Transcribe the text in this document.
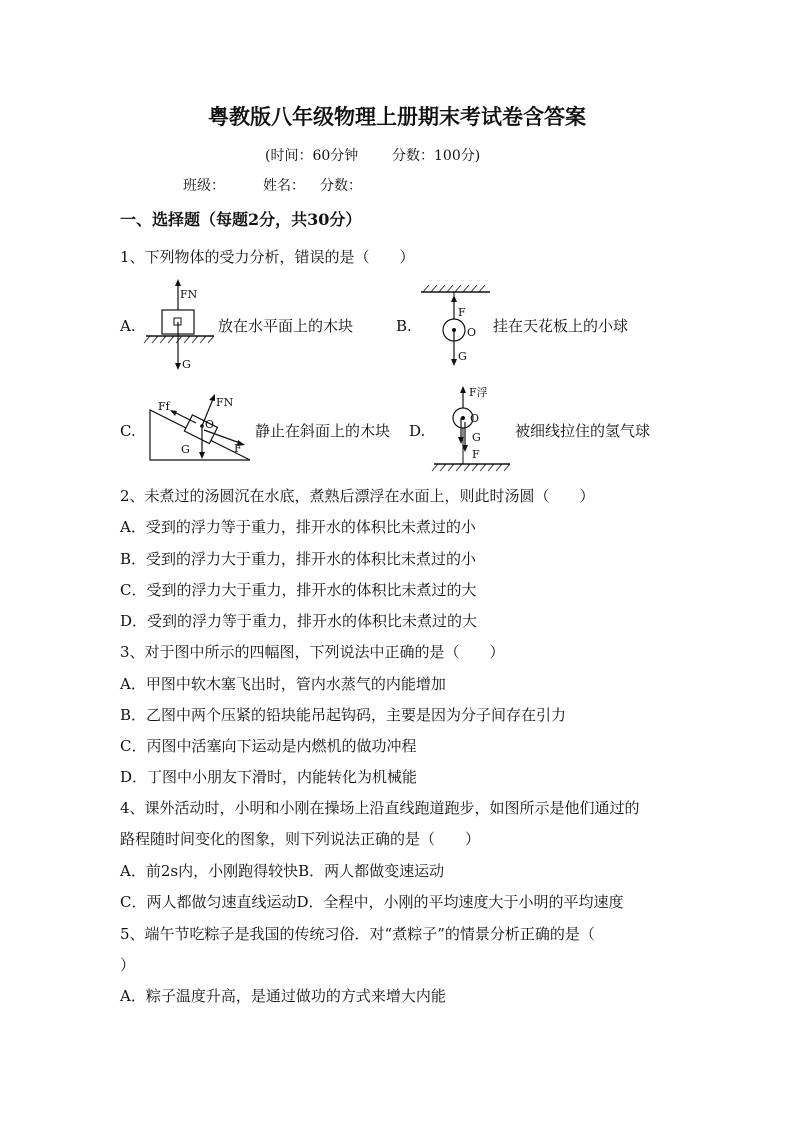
粤教版八年级物理上册期末考试卷含答案
(时间：60分钟 分数：100分)
班级：	姓名： 分数：
一、选择题（每题2分，共30分）
1、下列物体的受力分析，错误的是（　　）
A.
FN
G
放在水平面上的木块	B.
F
O
G
挂在天花板上的小球
C.	O
FN
Ff
G	F
静止在斜面上的木块 D.
F浮
O
G
F
被细线拉住的氢气球
2、未煮过的汤圆沉在水底，煮熟后漂浮在水面上，则此时汤圆（　　）
A．受到的浮力等于重力，排开水的体积比未煮过的小
B．受到的浮力大于重力，排开水的体积比未煮过的小
C．受到的浮力大于重力，排开水的体积比未煮过的大
D．受到的浮力等于重力，排开水的体积比未煮过的大
3、对于图中所示的四幅图，下列说法中正确的是（　　）
A．甲图中软木塞飞出时，管内水蒸气的内能增加
B．乙图中两个压紧的铅块能吊起钩码，主要是因为分子间存在引力
C．丙图中活塞向下运动是内燃机的做功冲程
D．丁图中小朋友下滑时，内能转化为机械能
4、课外活动时，小明和小刚在操场上沿直线跑道跑步，如图所示是他们通过的
路程随时间变化的图象，则下列说法正确的是（　　）
A．前2s内，小刚跑得较快B．两人都做变速运动
C．两人都做匀速直线运动D．全程中，小刚的平均速度大于小明的平均速度
5、端午节吃粽子是我国的传统习俗．对“煮粽子”的情景分析正确的是（
）
A．粽子温度升高，是通过做功的方式来增大内能
